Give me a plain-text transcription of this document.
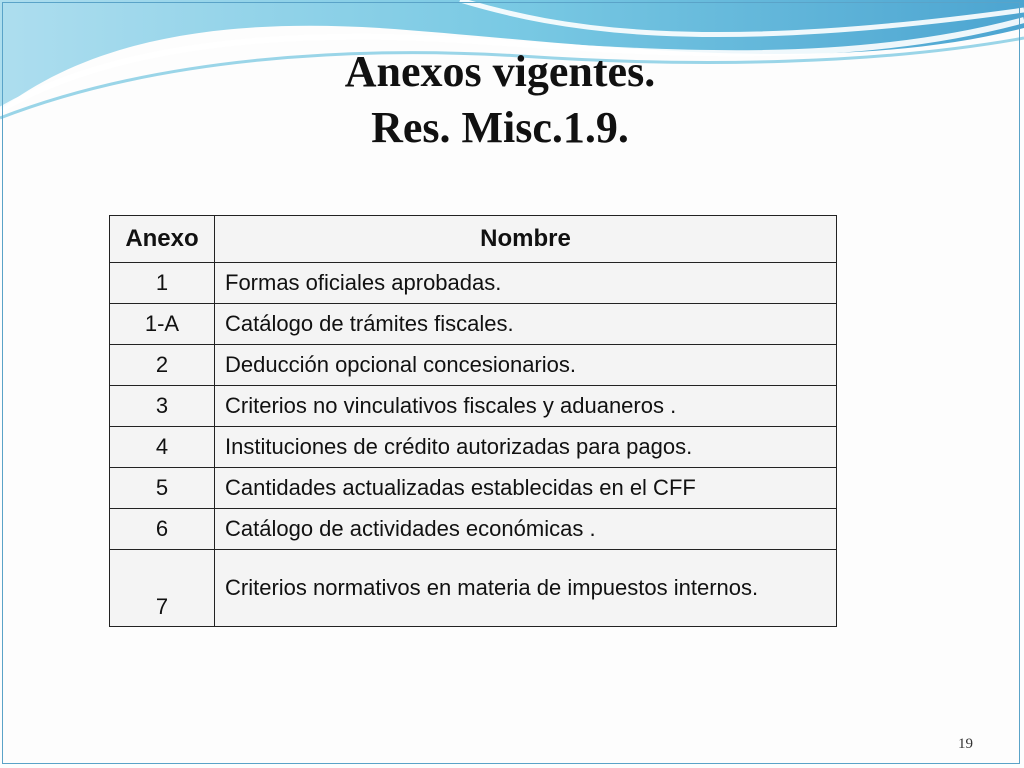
Anexos vigentes.
Res. Misc.1.9.
Anexo	Nombre
1	Formas oficiales aprobadas.
1-A	Catálogo de trámites fiscales.
2	Deducción opcional concesionarios.
3	Criterios no vinculativos fiscales y aduaneros .
4	Instituciones de crédito autorizadas para pagos.
5	Cantidades actualizadas establecidas en el CFF
6	Catálogo de actividades económicas .
7	Criterios normativos en materia de impuestos internos.
19
